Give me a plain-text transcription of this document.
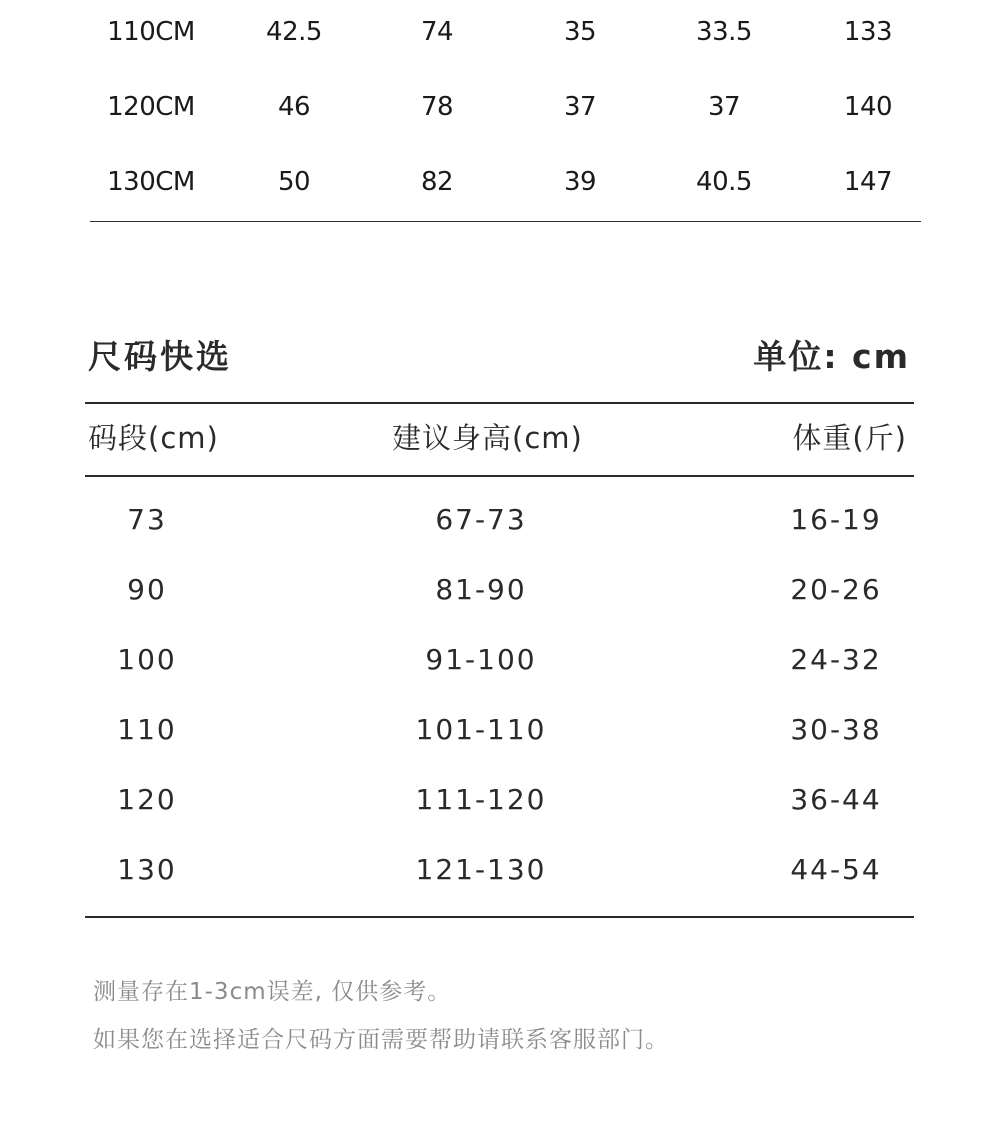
110CM	42.5	74	35	33.5	133
120CM	46	78	37	37	140
130CM	50	82	39	40.5	147
尺码快选	单位: cm
码段(cm)	建议身高(cm)	体重(斤)
73	67-73	16-19
90	81-90	20-26
100	91-100	24-32
110	101-110	30-38
120	111-120	36-44
130	121-130	44-54
测量存在1-3cm误差, 仅供参考。
如果您在选择适合尺码方面需要帮助请联系客服部门。
